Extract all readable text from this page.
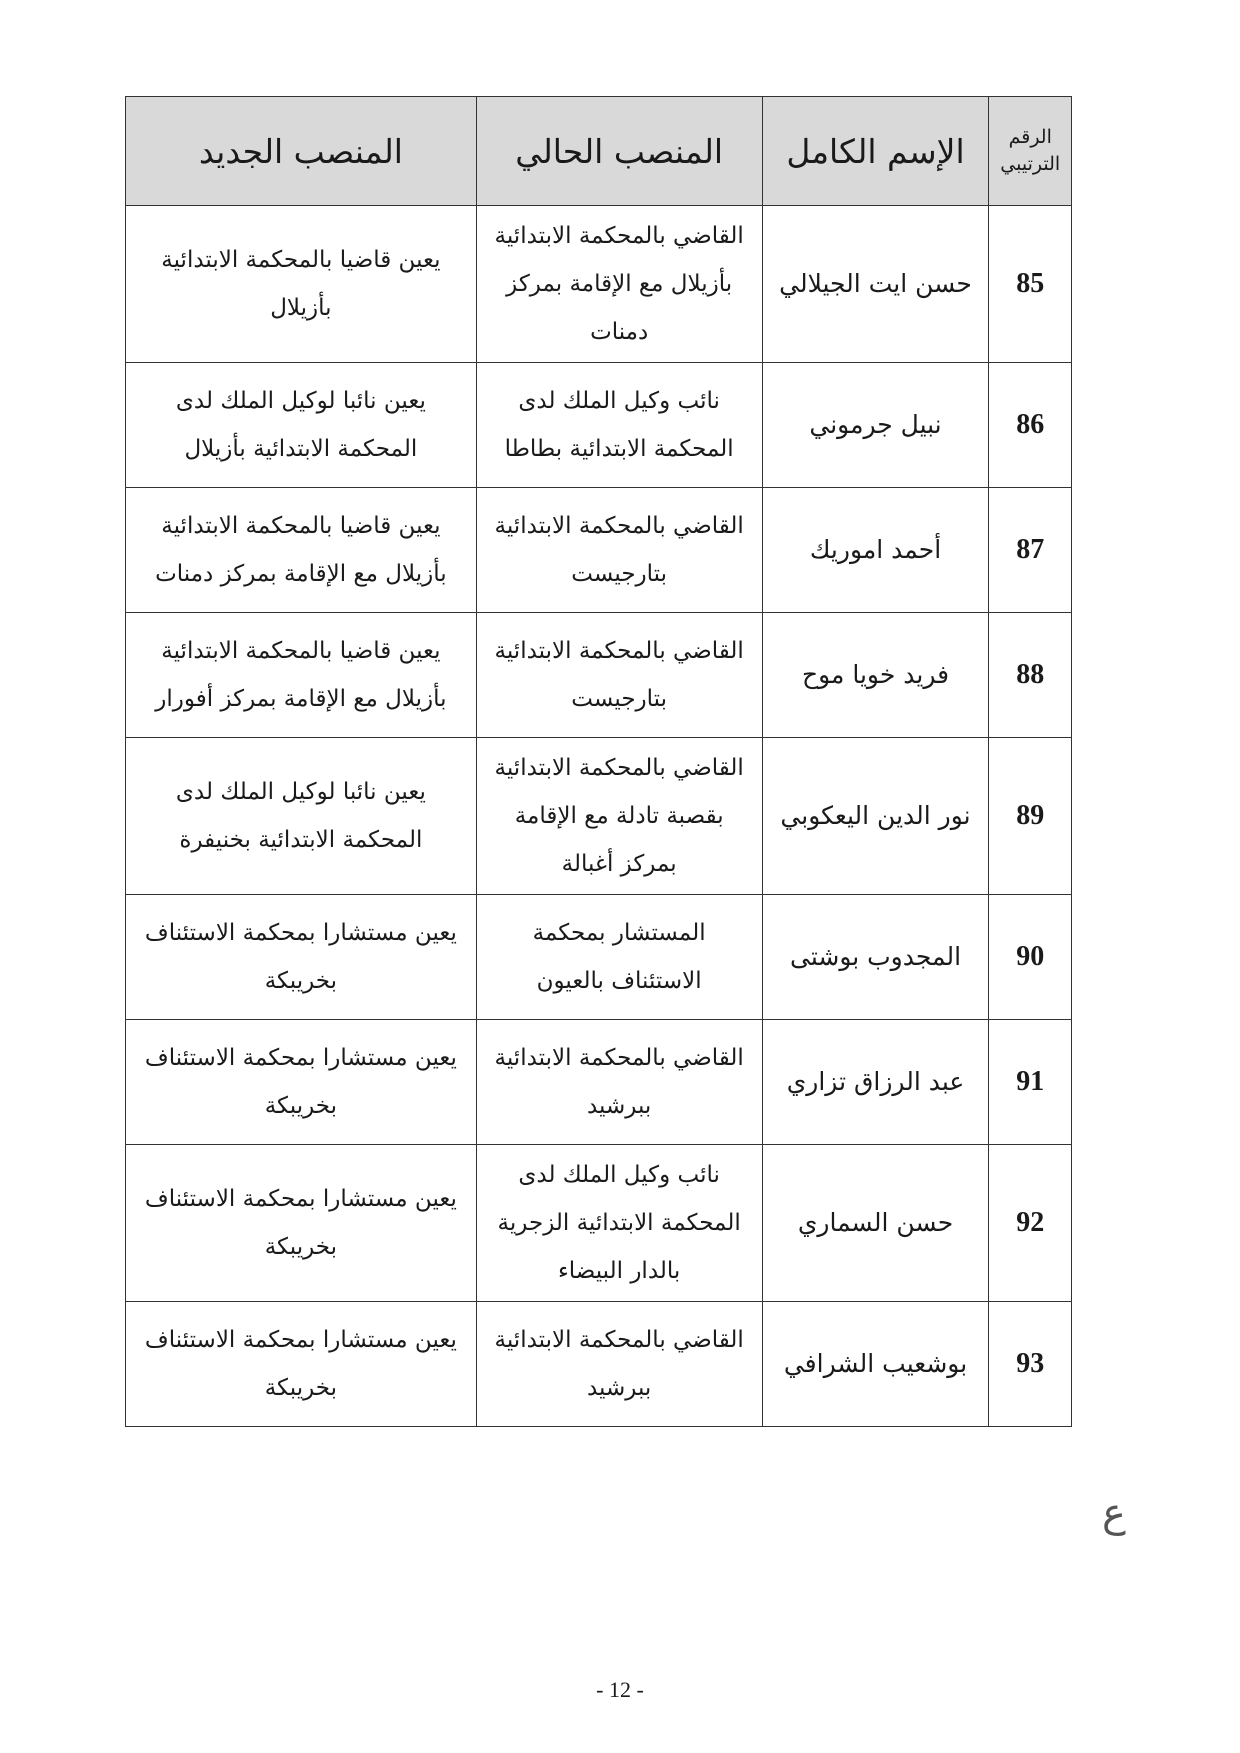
الرقم الترتيبي	الإسم الكامل	المنصب الحالي	المنصب الجديد
85	حسن ايت الجيلالي	القاضي بالمحكمة الابتدائية بأزيلال مع الإقامة بمركز دمنات	يعين قاضيا بالمحكمة الابتدائية بأزيلال
86	نبيل جرموني	نائب وكيل الملك لدى المحكمة الابتدائية بطاطا	يعين نائبا لوكيل الملك لدى المحكمة الابتدائية بأزيلال
87	أحمد اموريك	القاضي بالمحكمة الابتدائية بتارجيست	يعين قاضيا بالمحكمة الابتدائية بأزيلال مع الإقامة بمركز دمنات
88	فريد خويا موح	القاضي بالمحكمة الابتدائية بتارجيست	يعين قاضيا بالمحكمة الابتدائية بأزيلال مع الإقامة بمركز أفورار
89	نور الدين اليعكوبي	القاضي بالمحكمة الابتدائية بقصبة تادلة مع الإقامة بمركز أغبالة	يعين نائبا لوكيل الملك لدى المحكمة الابتدائية بخنيفرة
90	المجدوب بوشتى	المستشار بمحكمة الاستئناف بالعيون	يعين مستشارا بمحكمة الاستئناف بخريبكة
91	عبد الرزاق تزاري	القاضي بالمحكمة الابتدائية ببرشيد	يعين مستشارا بمحكمة الاستئناف بخريبكة
92	حسن السماري	نائب وكيل الملك لدى المحكمة الابتدائية الزجرية بالدار البيضاء	يعين مستشارا بمحكمة الاستئناف بخريبكة
93	بوشعيب الشرافي	القاضي بالمحكمة الابتدائية ببرشيد	يعين مستشارا بمحكمة الاستئناف بخريبكة
ع
- 12 -
